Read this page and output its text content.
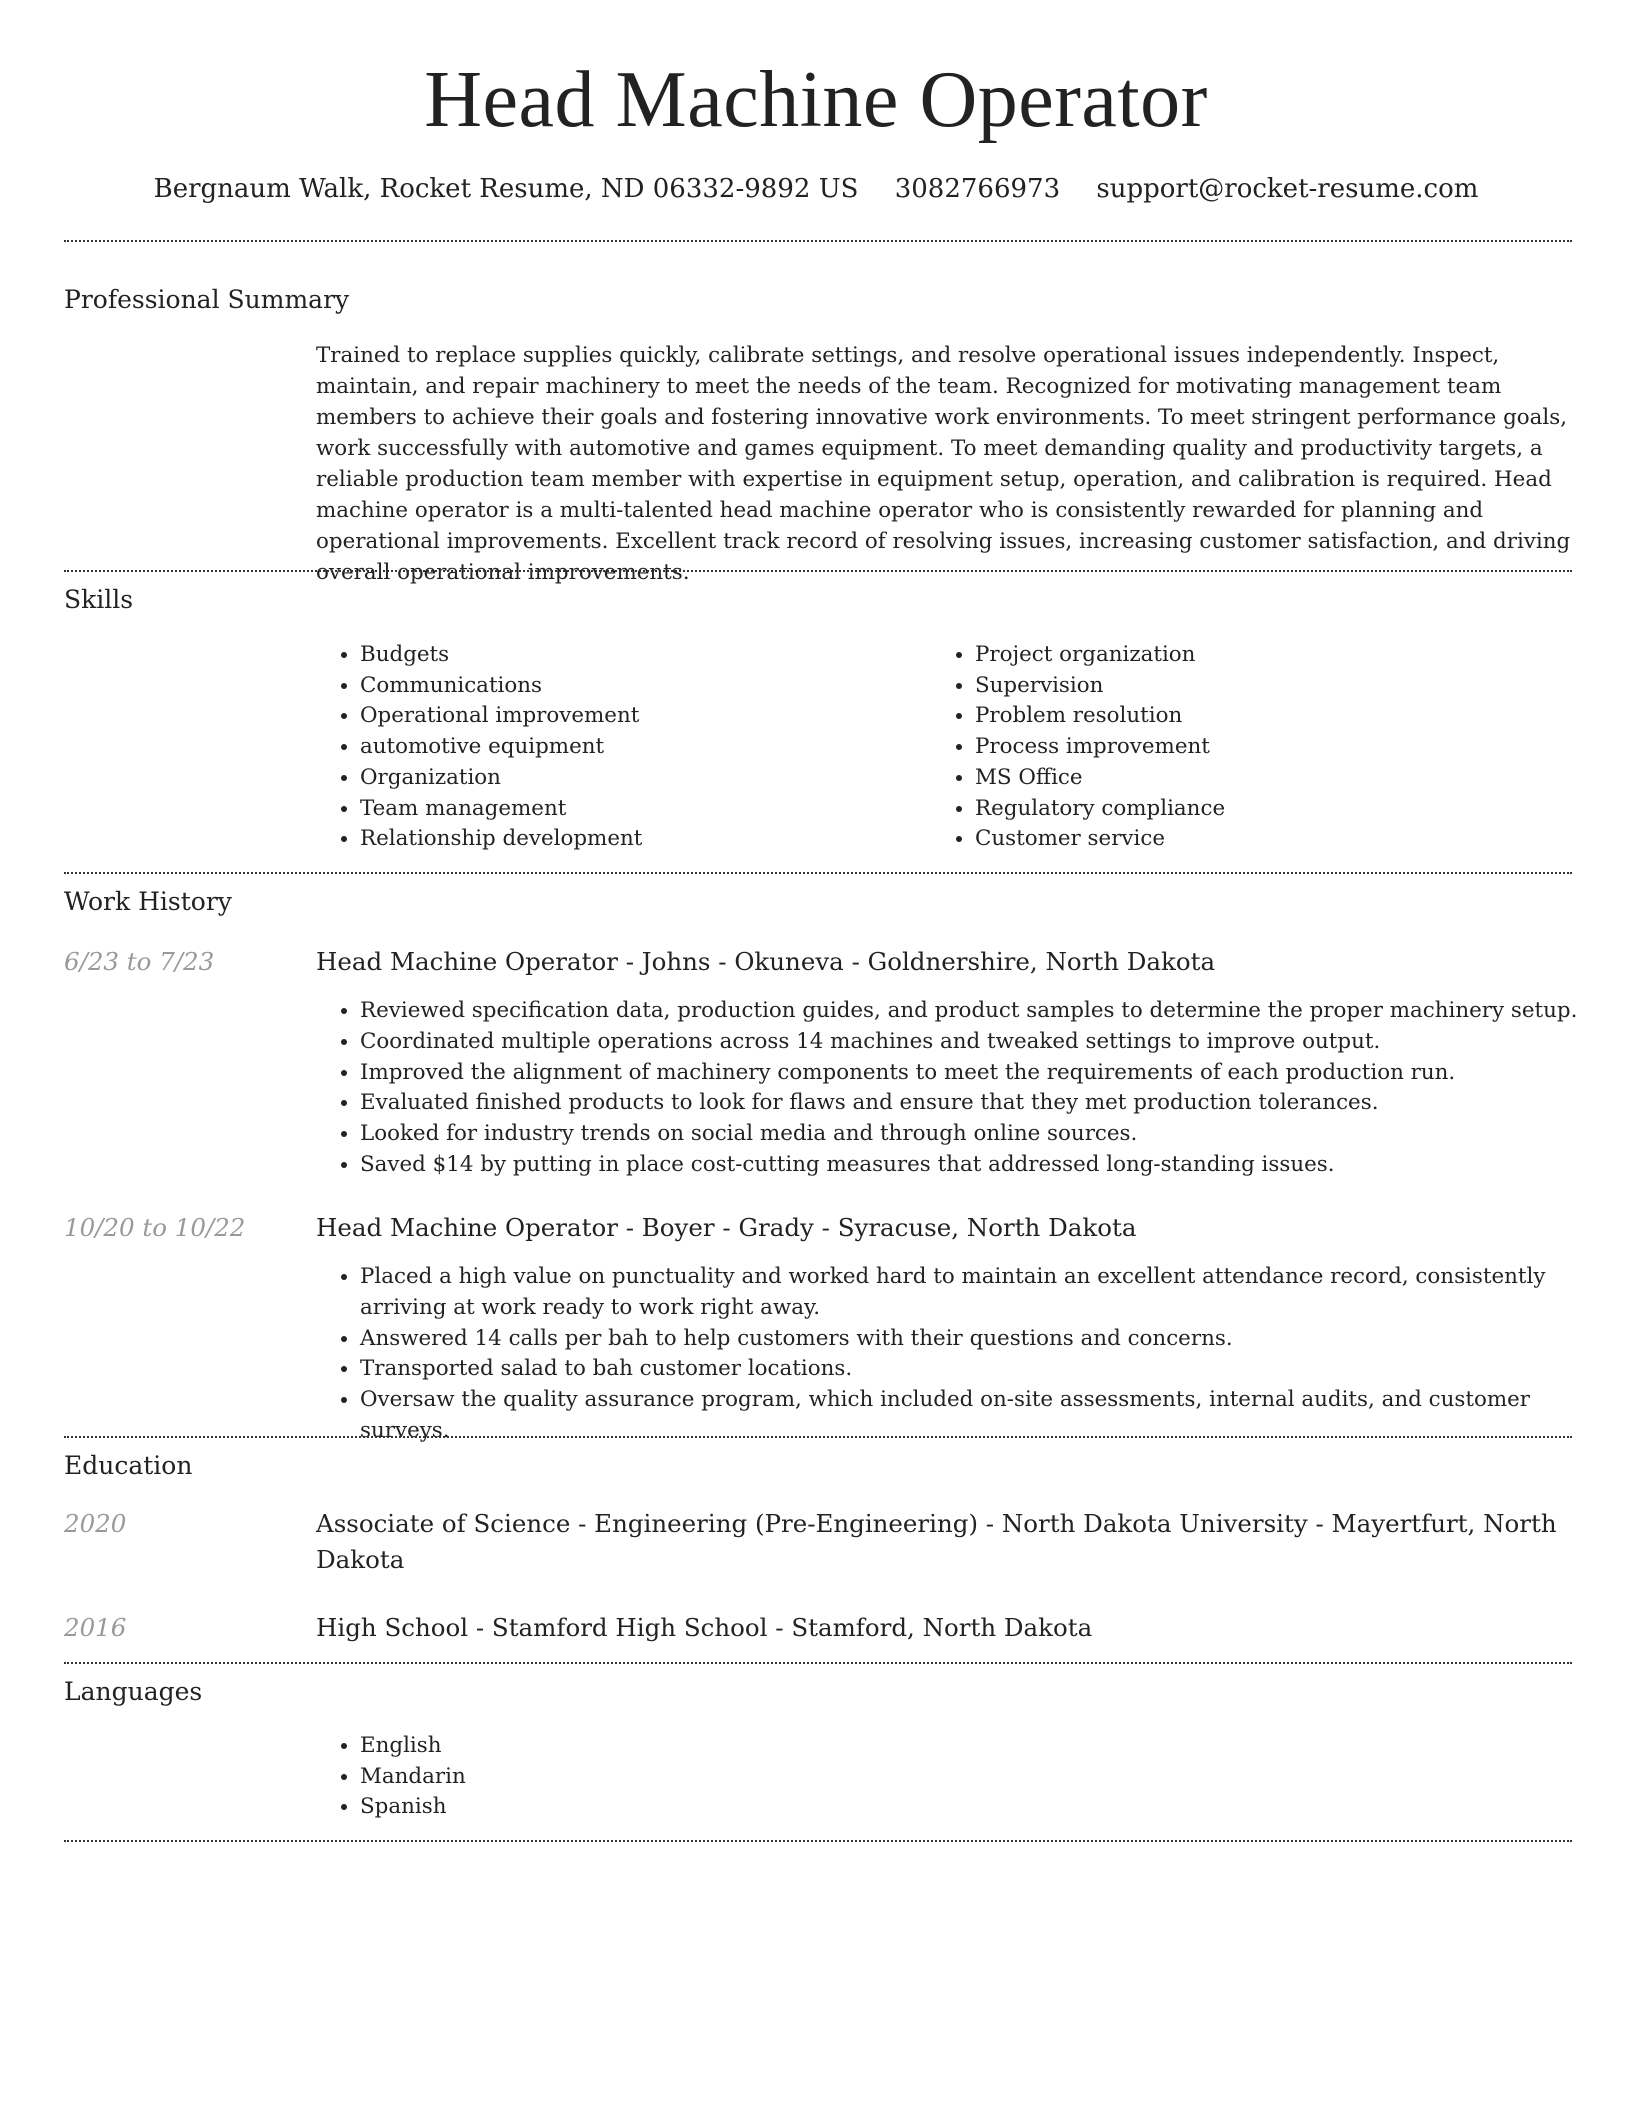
Head Machine Operator
Bergnaum Walk, Rocket Resume, ND 06332-9892 US 3082766973 support@rocket-resume.com
Professional Summary

Trained to replace supplies quickly, calibrate settings, and resolve operational issues independently. Inspect, maintain, and repair machinery to meet the needs of the team. Recognized for motivating management team members to achieve their goals and fostering innovative work environments. To meet stringent performance goals, work successfully with automotive and games equipment. To meet demanding quality and productivity targets, a reliable production team member with expertise in equipment setup, operation, and calibration is required. Head machine operator is a multi-talented head machine operator who is consistently rewarded for planning and operational improvements. Excellent track record of resolving issues, increasing customer satisfaction, and driving overall operational improvements.

Skills
• Budgets
• Communications
• Operational improvement
• automotive equipment
• Organization
• Team management
• Relationship development
• Project organization
• Supervision
• Problem resolution
• Process improvement
• MS Office
• Regulatory compliance
• Customer service
Work History
6/23 to 7/23	Head Machine Operator - Johns - Okuneva - Goldnershire, North Dakota
• Reviewed specification data, production guides, and product samples to determine the proper machinery setup.
• Coordinated multiple operations across 14 machines and tweaked settings to improve output.
• Improved the alignment of machinery components to meet the requirements of each production run.
• Evaluated finished products to look for flaws and ensure that they met production tolerances.
• Looked for industry trends on social media and through online sources.
• Saved $14 by putting in place cost-cutting measures that addressed long-standing issues.
10/20 to 10/22	Head Machine Operator - Boyer - Grady - Syracuse, North Dakota
• Placed a high value on punctuality and worked hard to maintain an excellent attendance record, consistently arriving at work ready to work right away.
• Answered 14 calls per bah to help customers with their questions and concerns.
• Transported salad to bah customer locations.
• Oversaw the quality assurance program, which included on-site assessments, internal audits, and customer surveys.
Education
2020	Associate of Science - Engineering (Pre-Engineering) - North Dakota University - Mayertfurt, North Dakota
2016	High School - Stamford High School - Stamford, North Dakota
Languages
• English
• Mandarin
• Spanish
